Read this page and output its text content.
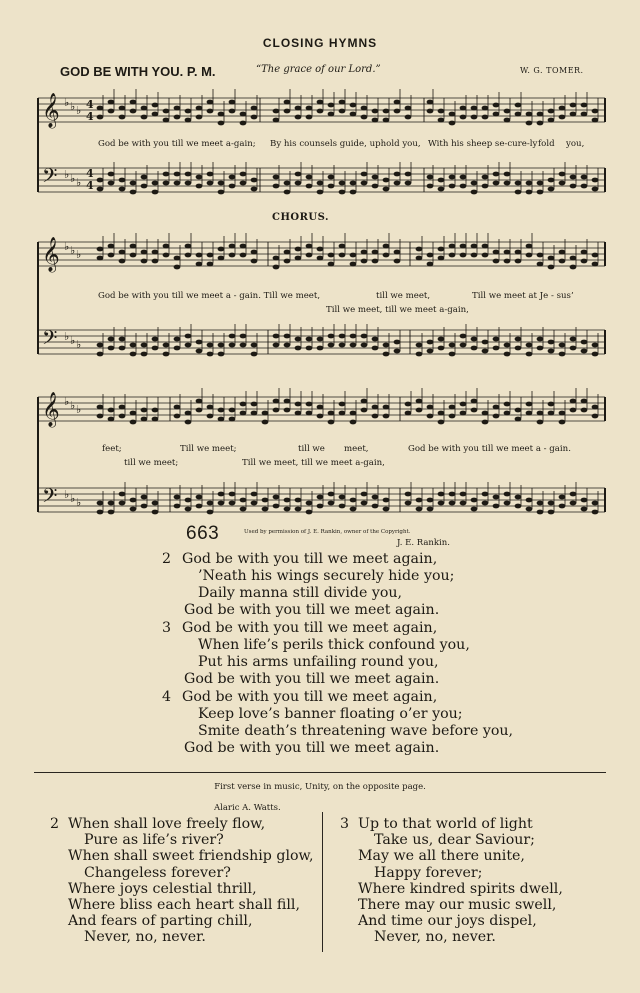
CLOSING HYMNS
GOD BE WITH YOU. P. M.	“The grace of our Lord.”	W. G. TOMER.
𝄞
𝄢
♭
♭
♭
♭
♭
♭
𝄞
𝄢
♭
♭
♭
♭
♭
♭
𝄞
𝄢
♭
♭
♭
♭
♭
♭
4
4
4
4
CHORUS.
God be with you till we meet a-gain; By his counsels guide, uphold you, With his sheep se-cure-ly fold you,
God be with you till we meet a - gain. Till we meet,	till we meet,	Till we meet at Je - sus’
Till we meet, till we meet a-gain,
feet;	Till we meet;	till we meet,	God be with you till we meet a - gain.
till we meet;	Till we meet, till we meet a-gain,
663	Used by permission of J. E. Rankin, owner of the Copyright.
J. E. Rankin.
2 God be with you till we meet again,
’Neath his wings securely hide you;
Daily manna still divide you,
God be with you till we meet again.
3 God be with you till we meet again,
When life’s perils thick confound you,
Put his arms unfailing round you,
God be with you till we meet again.
4 God be with you till we meet again,
Keep love’s banner floating o’er you;
Smite death’s threatening wave before you,
God be with you till we meet again.
First verse in music, Unity, on the opposite page.
Alaric A. Watts.
2 When shall love freely flow,
Pure as life’s river?
When shall sweet friendship glow,
Changeless forever?
Where joys celestial thrill,
Where bliss each heart shall fill,
And fears of parting chill,
Never, no, never.
3 Up to that world of light
Take us, dear Saviour;
May we all there unite,
Happy forever;
Where kindred spirits dwell,
There may our music swell,
And time our joys dispel,
Never, no, never.
